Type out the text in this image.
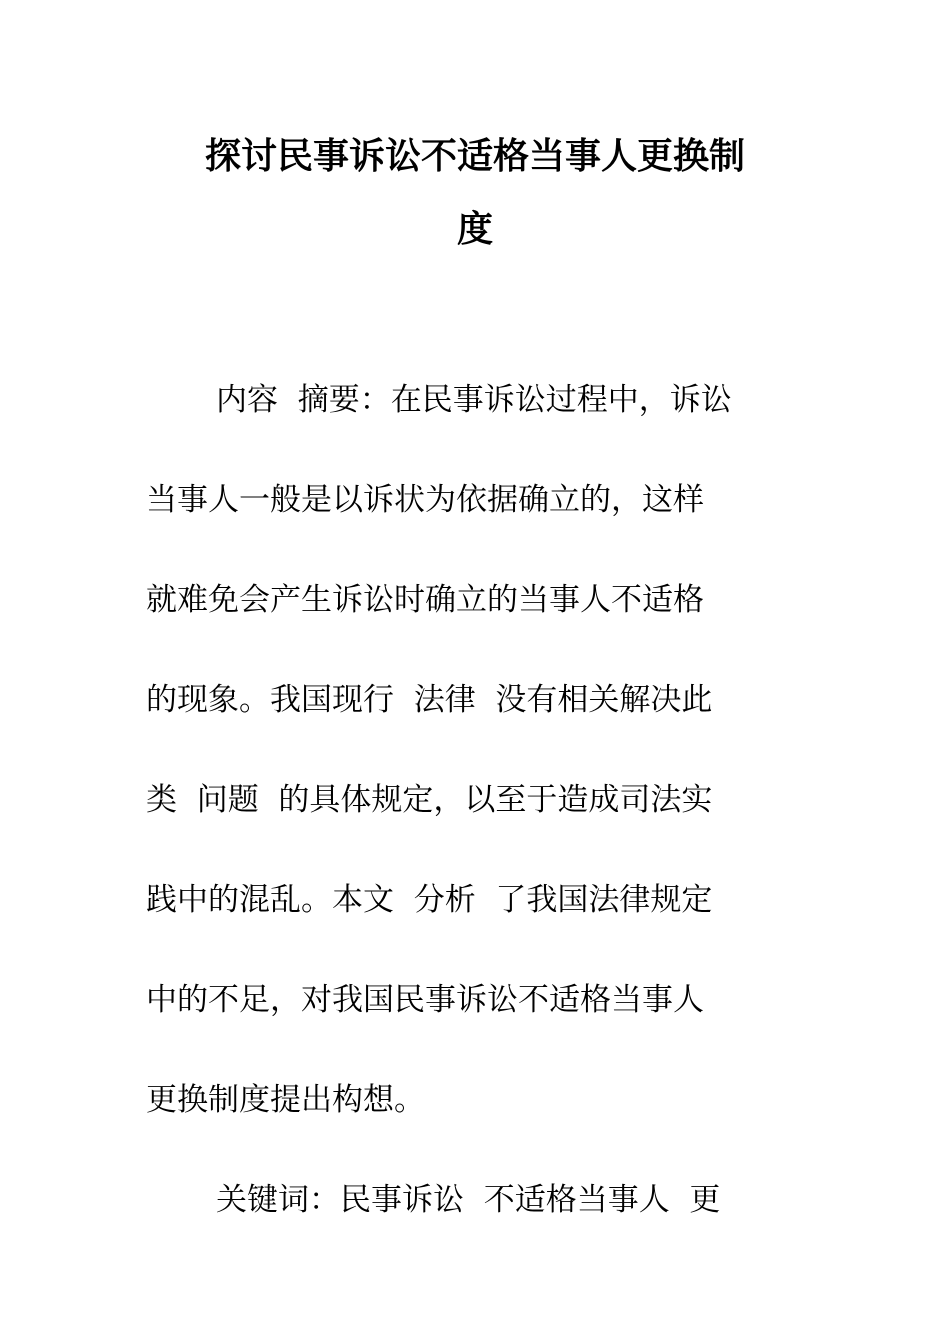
探讨民事诉讼不适格当事人更换制
度
内容  摘要：在民事诉讼过程中，诉讼
当事人一般是以诉状为依据确立的，这样
就难免会产生诉讼时确立的当事人不适格
的现象。我国现行  法律  没有相关解决此
类  问题  的具体规定，以至于造成司法实
践中的混乱。本文  分析  了我国法律规定
中的不足，对我国民事诉讼不适格当事人
更换制度提出构想。
关键词：民事诉讼  不适格当事人  更
